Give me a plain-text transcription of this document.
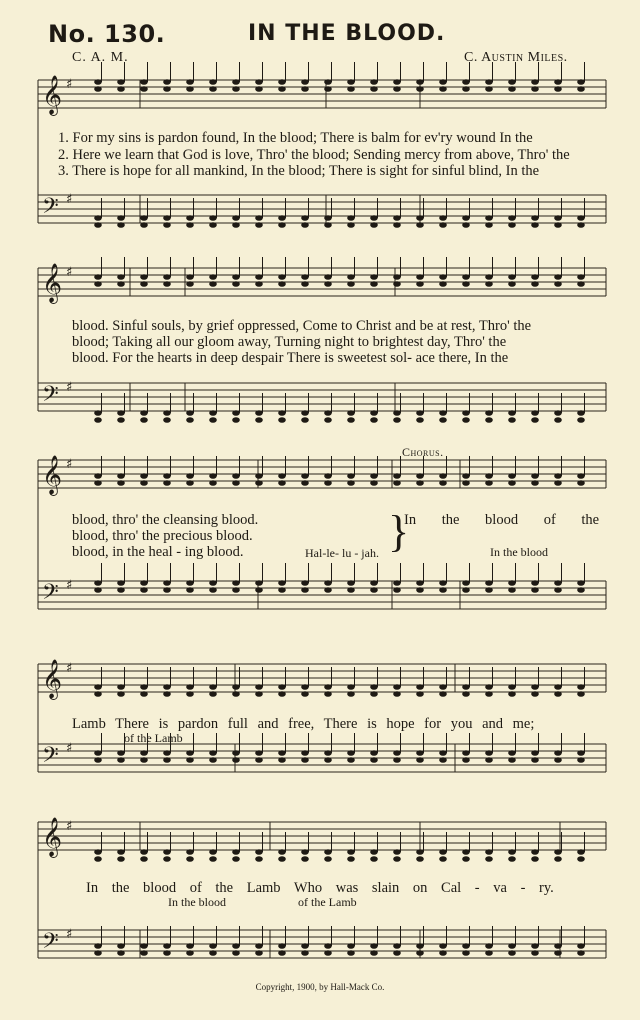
No. 130.	IN THE BLOOD.
C. A. M.	C. Austin Miles.
𝄞 ♯
𝄢 ♯
𝄞 ♯
𝄢 ♯
𝄞 ♯
𝄢 ♯
𝄞 ♯
𝄢 ♯
𝄞 ♯
𝄢 ♯
1. For my sins is pardon found, In the blood; There is balm for ev'ry wound In the
2. Here we learn that God is love, Thro' the blood; Sending mercy from above, Thro' the
3. There is hope for all mankind, In the blood; There is sight for sinful blind, In the
blood. Sinful souls, by grief oppressed, Come to Christ and be at rest, Thro' the
blood; Taking all our gloom away, Turning night to brightest day, Thro' the
blood. For the hearts in deep despair There is sweetest sol- ace there, In the
blood, thro' the cleansing blood.
blood, thro' the precious blood.
blood, in the heal - ing blood.	Hal-le- lu - jah. }
Chorus.
In the blood of the
In the blood
Lamb There is pardon full and free, There is hope for you and me;
of the Lamb
In the blood of the Lamb Who was slain on Cal - va - ry.
In the blood	of the Lamb
Copyright, 1900, by Hall-Mack Co.
